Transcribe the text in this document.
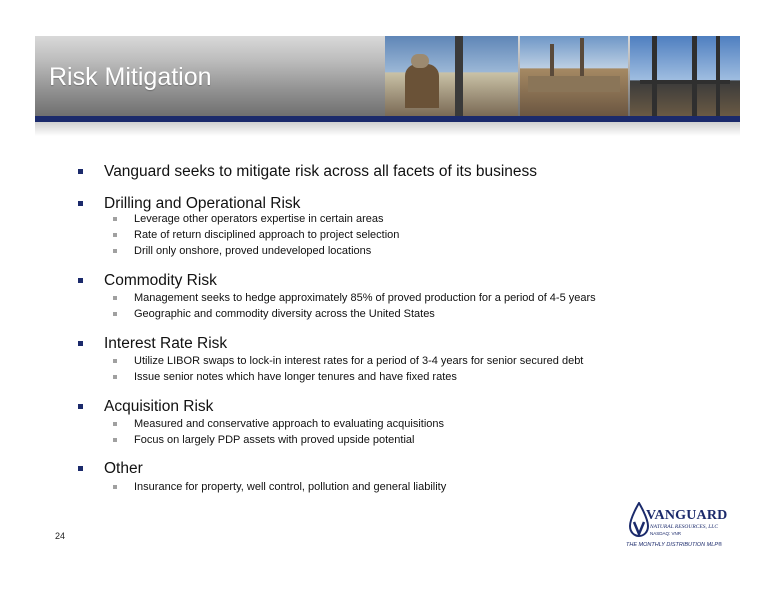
Risk Mitigation
Vanguard seeks to mitigate risk across all facets of its business
Drilling and Operational Risk
Leverage other operators expertise in certain areas
Rate of return disciplined approach to project selection
Drill only onshore, proved undeveloped locations
Commodity Risk
Management seeks to hedge approximately 85% of proved production for a period of 4-5 years
Geographic and commodity diversity across the United States
Interest Rate Risk
Utilize LIBOR swaps to lock-in interest rates for a period of 3-4 years for senior secured debt
Issue senior notes which have longer tenures and have fixed rates
Acquisition Risk
Measured and conservative approach to evaluating acquisitions
Focus on largely PDP assets with proved upside potential
Other
Insurance for property, well control, pollution and general liability
24
VANGUARD
NATURAL RESOURCES, LLC
NASDAQ: VNR
THE MONTHLY DISTRIBUTION MLP®
